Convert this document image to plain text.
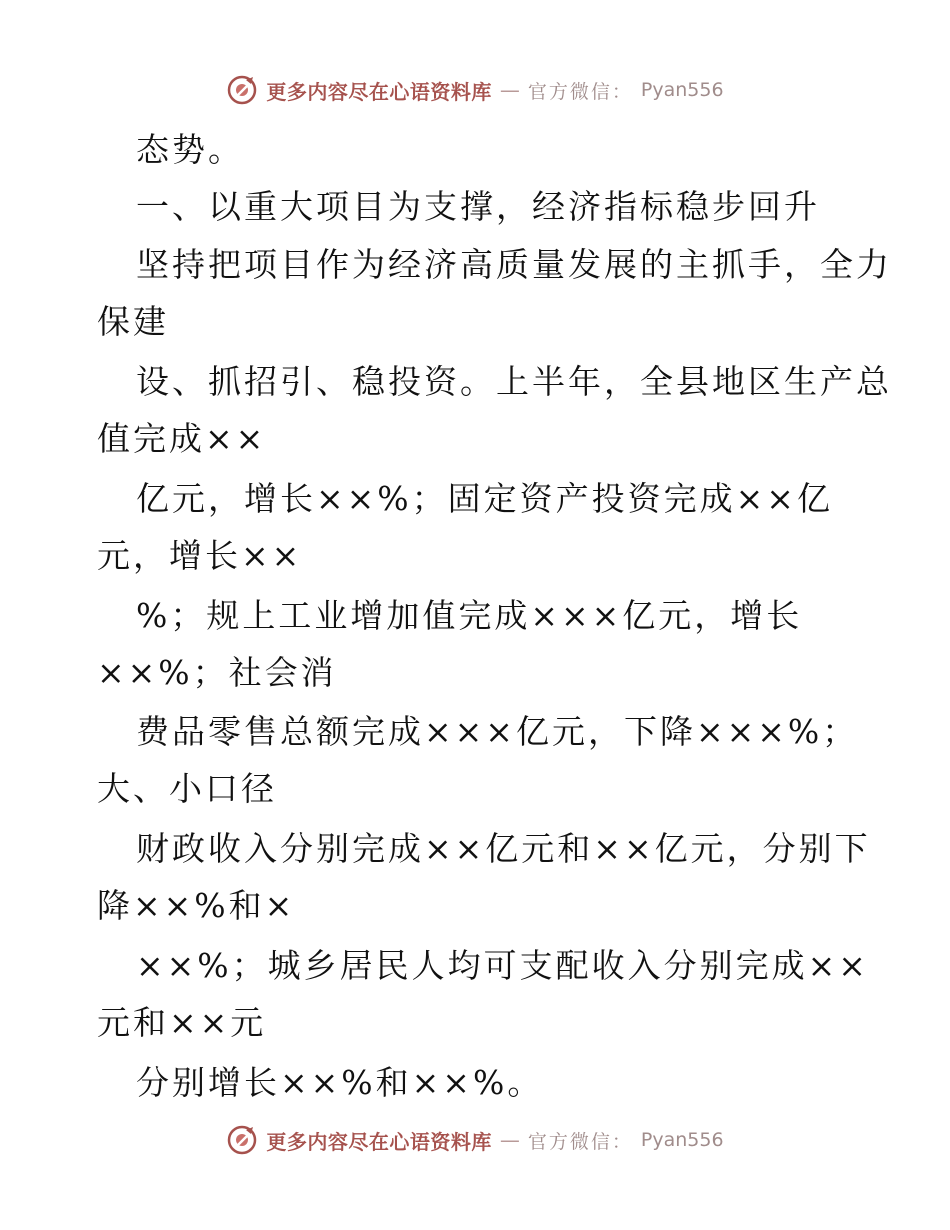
更多内容尽在心语资料库 — 官方微信： Pyan556
态势。
一、以重大项目为支撑，经济指标稳步回升
坚持把项目作为经济高质量发展的主抓手，全力
保建
设、抓招引、稳投资。上半年，全县地区生产总
值完成××
亿元，增长××%；固定资产投资完成××亿
元，增长××
%；规上工业增加值完成×××亿元，增长
××%；社会消
费品零售总额完成×××亿元，下降×××%；
大、小口径
财政收入分别完成××亿元和××亿元，分别下
降××%和×
××%；城乡居民人均可支配收入分别完成××
元和××元
分别增长××%和××%。
更多内容尽在心语资料库 — 官方微信： Pyan556
